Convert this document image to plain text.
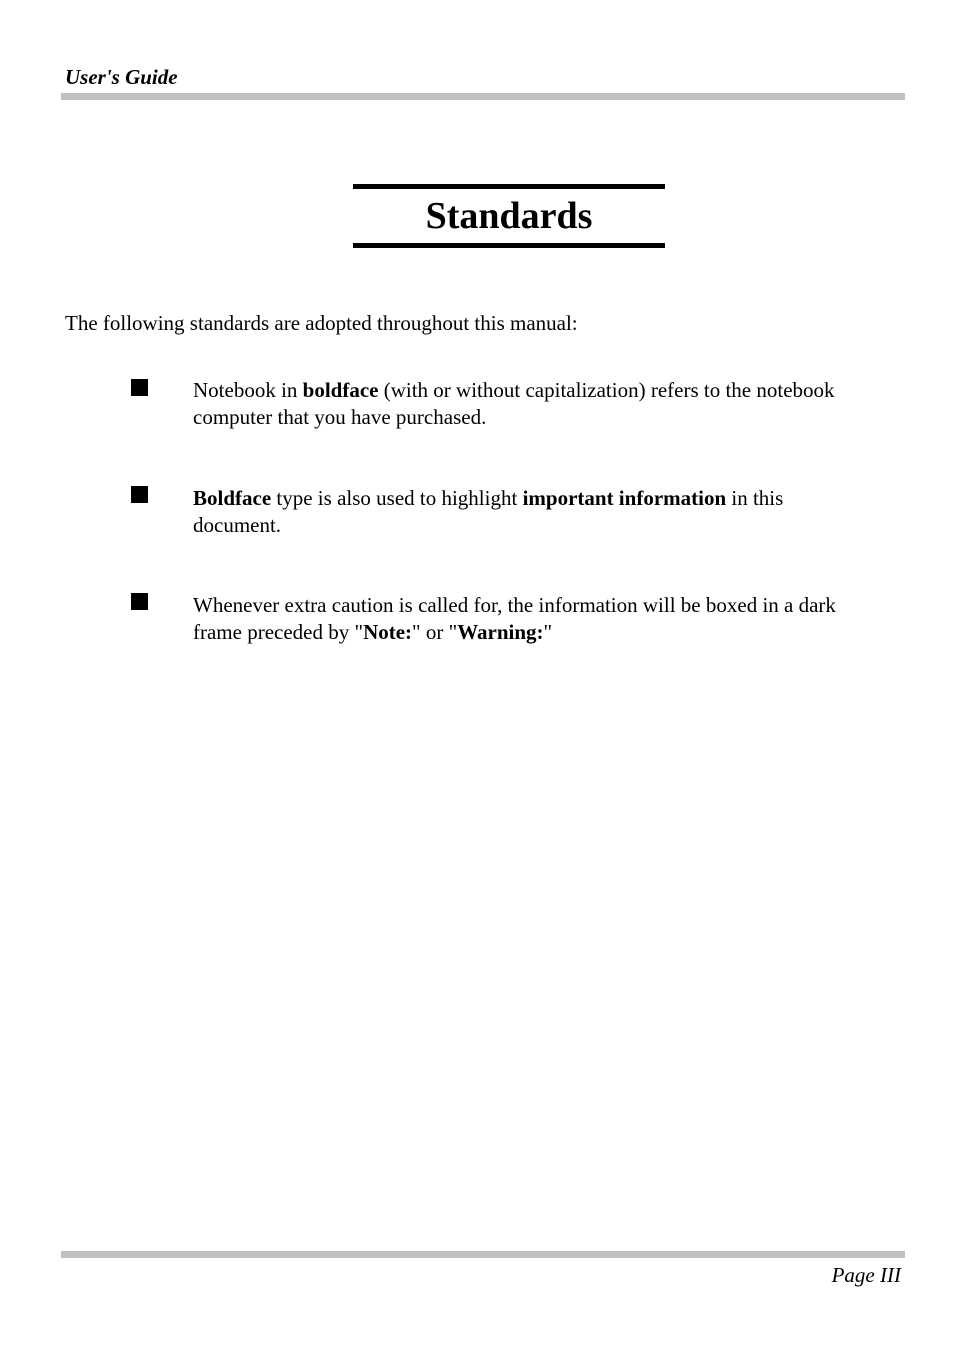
User's Guide
Standards
The following standards are adopted throughout this manual:
Notebook in boldface (with or without capitalization) refers to the notebook
computer that you have purchased.
Boldface type is also used to highlight important information in this
document.
Whenever extra caution is called for, the information will be boxed in a dark
frame preceded by "Note:" or "Warning:"
Page III
